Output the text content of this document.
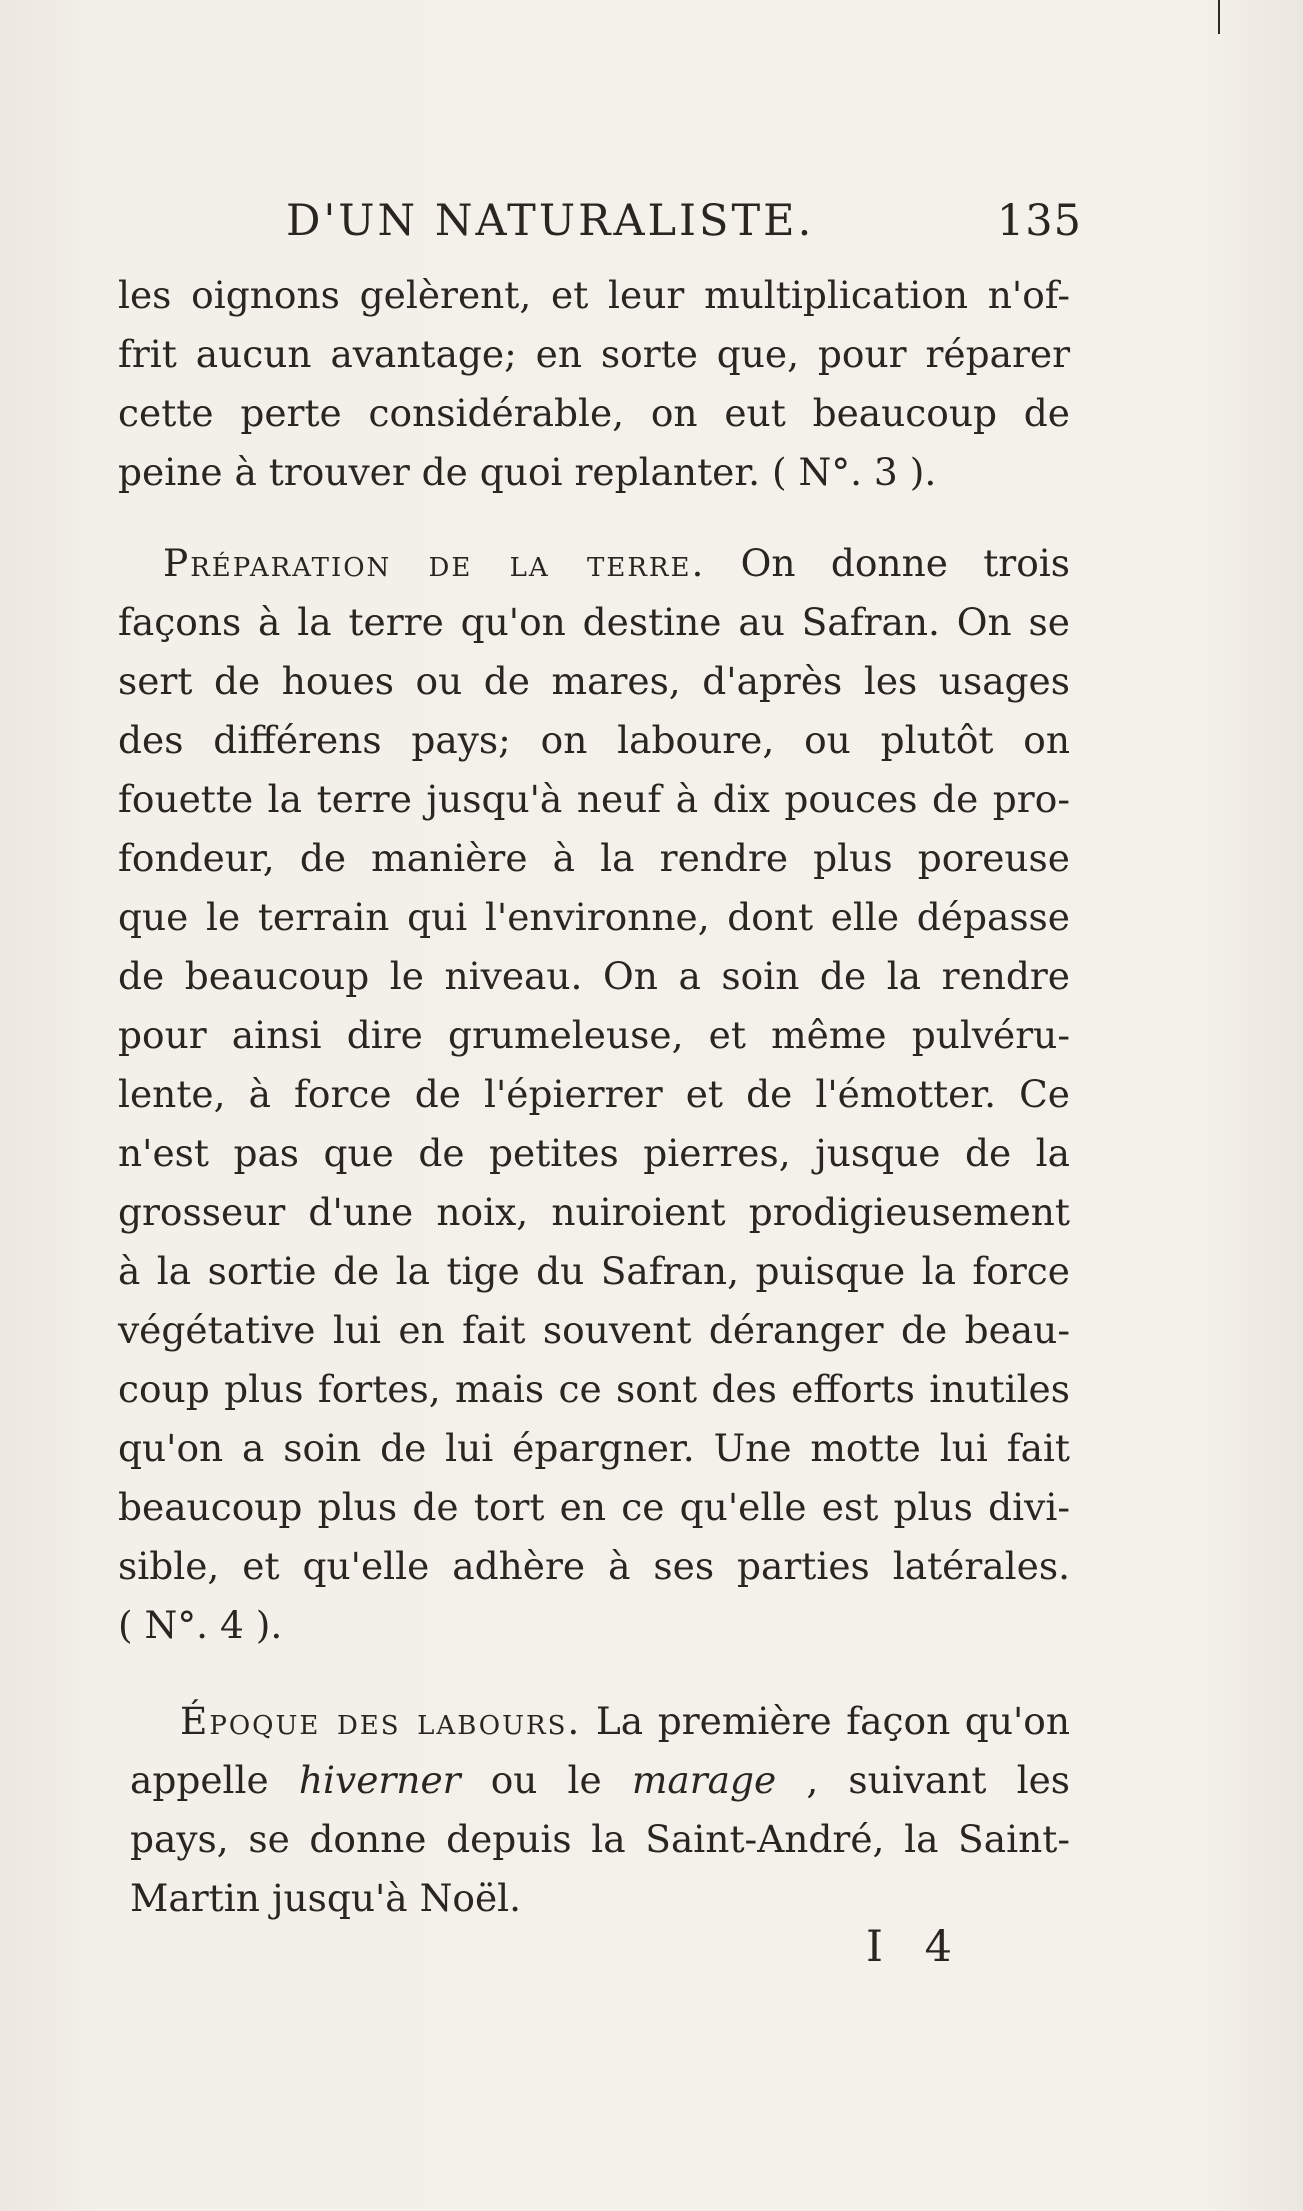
D'UN NATURALISTE.	135
les oignons gelèrent, et leur multiplication n'of-
frit aucun avantage; en sorte que, pour réparer
cette perte considérable, on eut beaucoup de
peine à trouver de quoi replanter. ( N°. 3 ).
Préparation de la terre. On donne trois
façons à la terre qu'on destine au Safran. On se
sert de houes ou de mares, d'après les usages
des différens pays; on laboure, ou plutôt on
fouette la terre jusqu'à neuf à dix pouces de pro-
fondeur, de manière à la rendre plus poreuse
que le terrain qui l'environne, dont elle dépasse
de beaucoup le niveau. On a soin de la rendre
pour ainsi dire grumeleuse, et même pulvéru-
lente, à force de l'épierrer et de l'émotter. Ce
n'est pas que de petites pierres, jusque de la
grosseur d'une noix, nuiroient prodigieusement
à la sortie de la tige du Safran, puisque la force
végétative lui en fait souvent déranger de beau-
coup plus fortes, mais ce sont des efforts inutiles
qu'on a soin de lui épargner. Une motte lui fait
beaucoup plus de tort en ce qu'elle est plus divi-
sible, et qu'elle adhère à ses parties latérales.
( N°. 4 ).
Époque des labours. La première façon qu'on
appelle hiverner ou le marage , suivant les
pays, se donne depuis la Saint-André, la Saint-
Martin jusqu'à Noël.
I 4
